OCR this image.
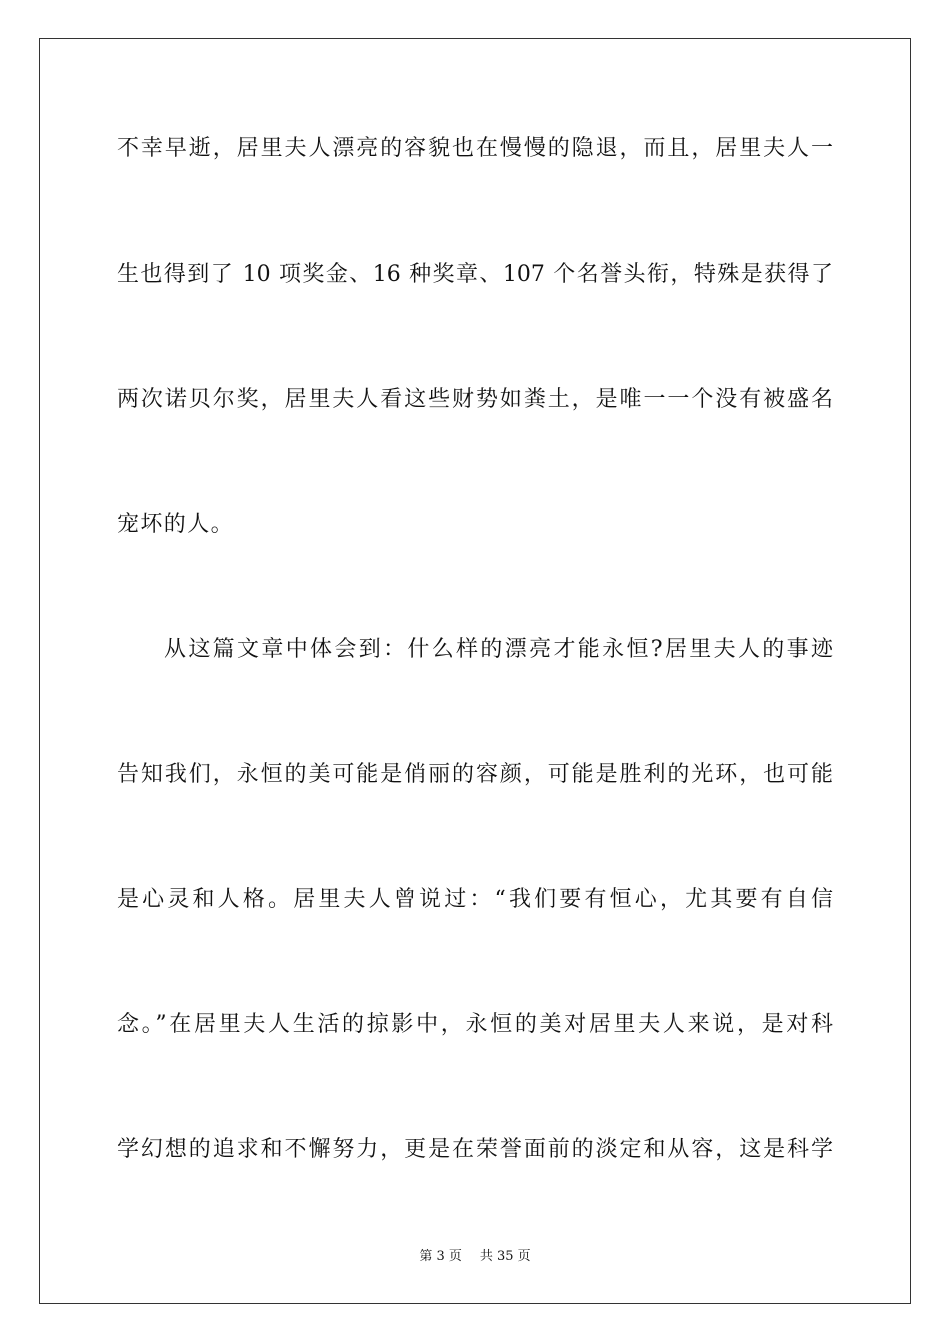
不幸早逝，居里夫人漂亮的容貌也在慢慢的隐退，而且，居里夫人一
生也得到了 10 项奖金、16 种奖章、107 个名誉头衔，特殊是获得了
两次诺贝尔奖，居里夫人看这些财势如粪土，是唯一一个没有被盛名
宠坏的人。
从这篇文章中体会到：什么样的漂亮才能永恒?居里夫人的事迹
告知我们，永恒的美可能是俏丽的容颜，可能是胜利的光环，也可能
是心灵和人格。居里夫人曾说过：“我们要有恒心，尤其要有自信
念。”在居里夫人生活的掠影中，永恒的美对居里夫人来说，是对科
学幻想的追求和不懈努力，更是在荣誉面前的淡定和从容，这是科学
第 3 页 共 35 页
